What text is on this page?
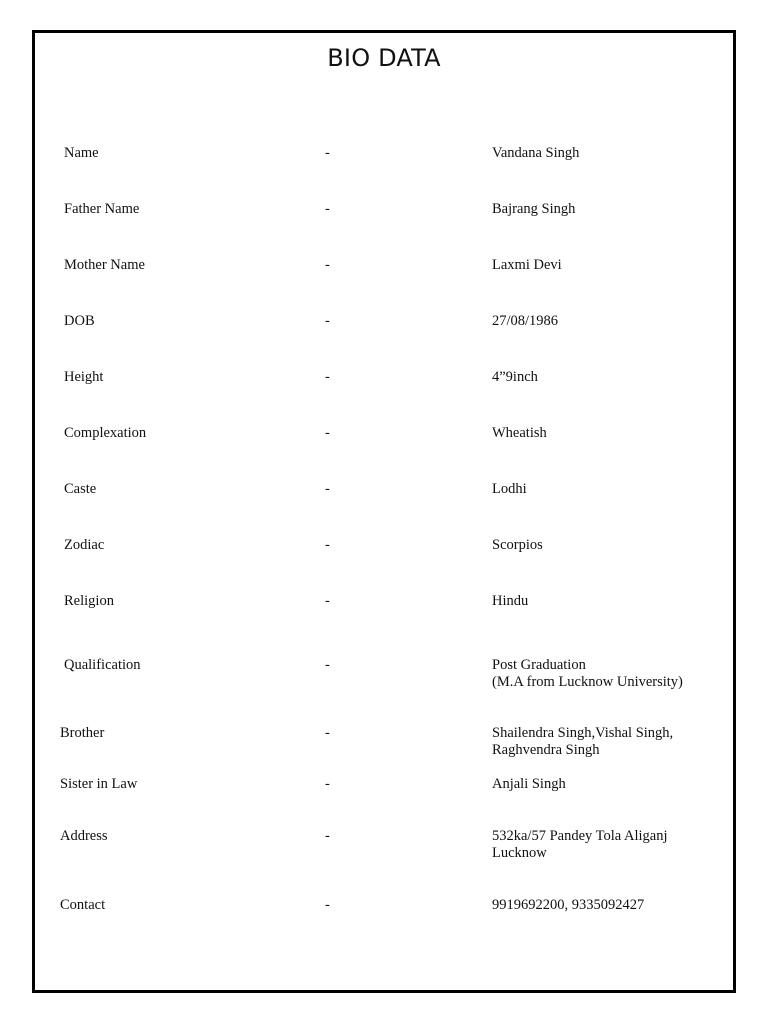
BIO DATA
Name	-	Vandana Singh
Father Name	-	Bajrang Singh
Mother Name	-	Laxmi Devi
DOB	-	27/08/1986
Height	-	4”9inch
Complexation	-	Wheatish
Caste	-	Lodhi
Zodiac	-	Scorpios
Religion	-	Hindu
Qualification	-	Post Graduation
(M.A from Lucknow University)
Brother	-	Shailendra Singh,Vishal Singh,
Raghvendra Singh
Sister in Law	-	Anjali Singh
Address	-	532ka/57 Pandey Tola Aliganj
Lucknow
Contact	-	9919692200, 9335092427
